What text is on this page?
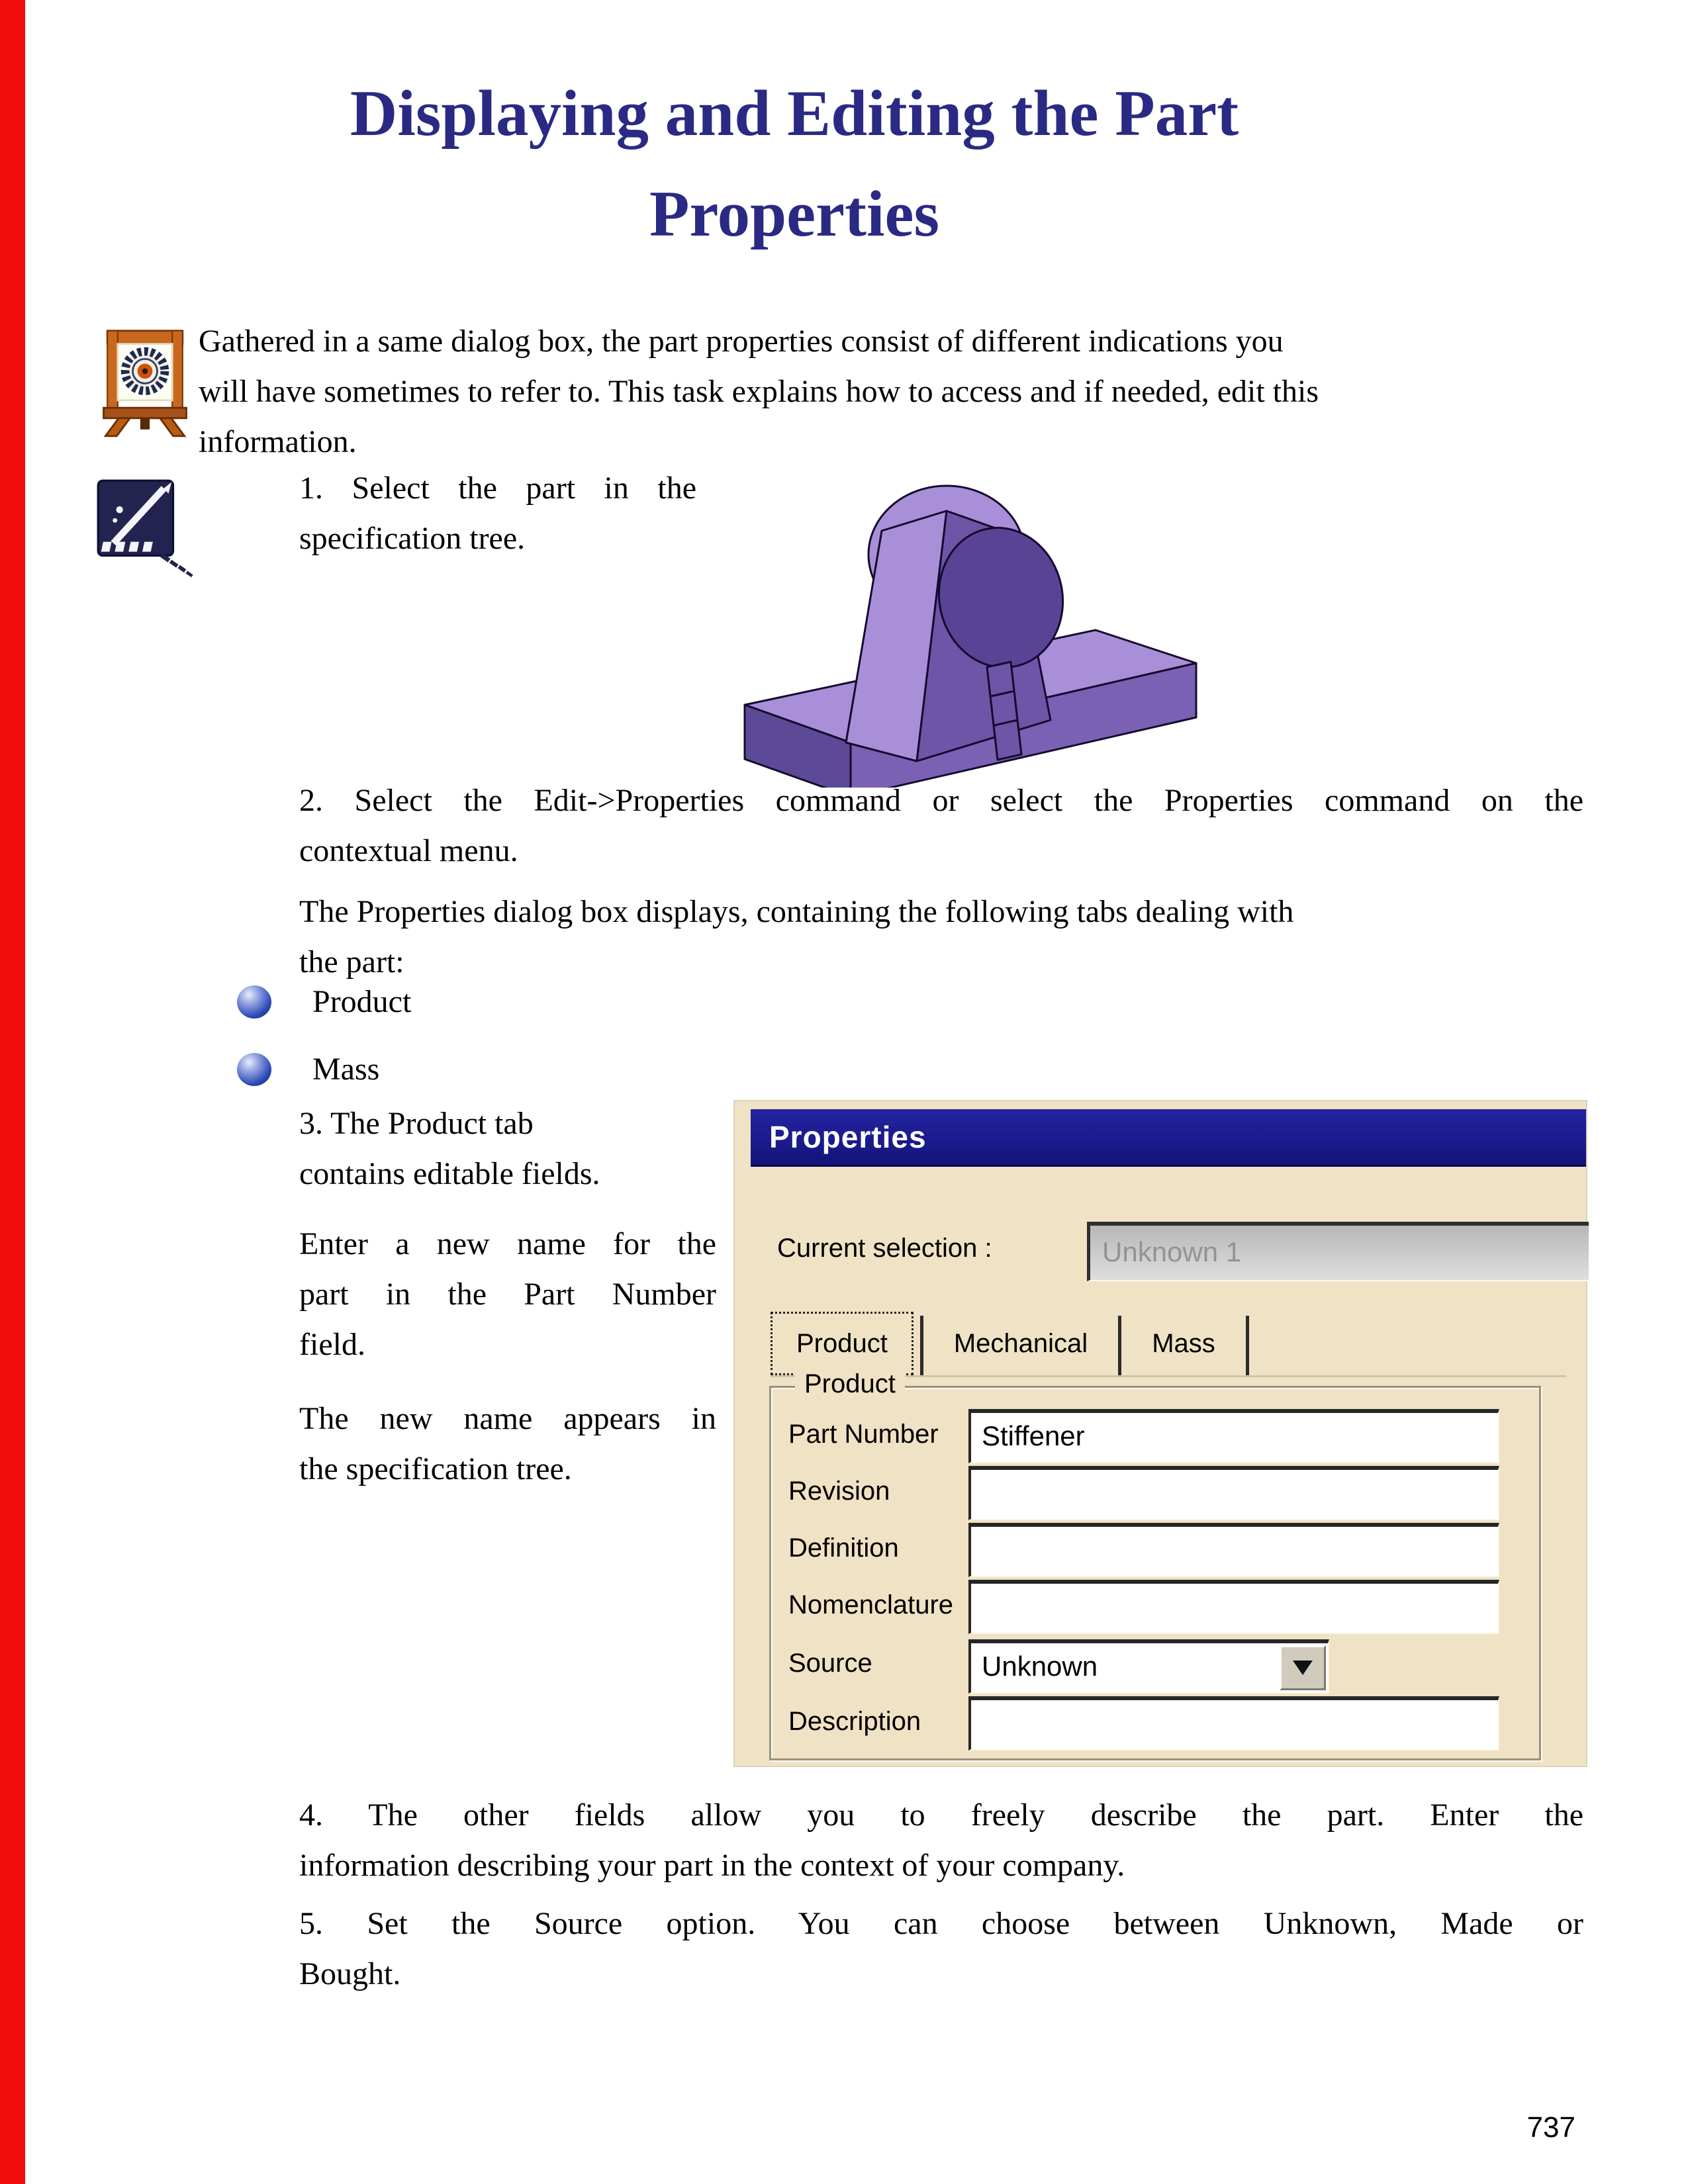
Displaying and Editing the Part
Properties
Gathered in a same dialog box, the part properties consist of different indications you
will have sometimes to refer to. This task explains how to access and if needed, edit this
information.
1. Select the part in the
specification tree.
2. Select the Edit->Properties command or select the Properties command on the
contextual menu.
The Properties dialog box displays, containing the following tabs dealing with
the part:
Product
Mass
3. The Product tab
contains editable fields.
Enter a new name for the
part in the Part Number
field.
The new name appears in
the specification tree.
Properties
Current selection :	Unknown 1
Product	Mechanical	Mass
Product
Part Number	Stiffener
Revision
Definition
Nomenclature
Source	Unknown
Description
4. The other fields allow you to freely describe the part. Enter the
information describing your part in the context of your company.
5. Set the Source option. You can choose between Unknown, Made or
Bought.
737
